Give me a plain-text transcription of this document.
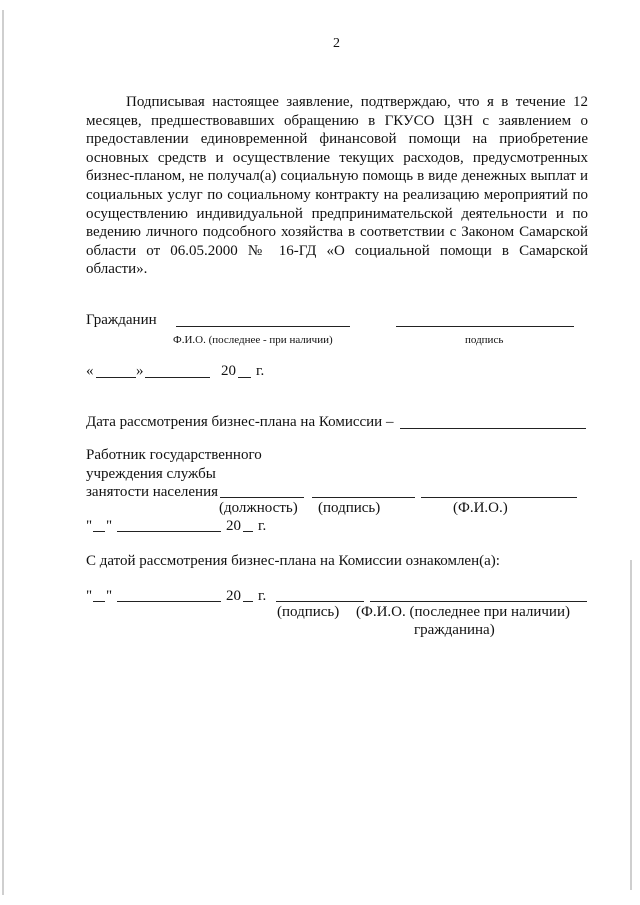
2
Подписывая настоящее заявление, подтверждаю, что я в течение 12
месяцев, предшествовавших обращению в ГКУСО ЦЗН с заявлением о
предоставлении единовременной финансовой помощи на приобретение
основных средств и осуществление текущих расходов, предусмотренных
бизнес-планом, не получал(а) социальную помощь в виде денежных выплат и
социальных услуг по социальному контракту на реализацию мероприятий по
осуществлению индивидуальной предпринимательской деятельности и по
ведению личного подсобного хозяйства в соответствии с Законом Самарской
области от 06.05.2000 № 16-ГД «О социальной помощи в Самарской
области».
Гражданин
Ф.И.О. (последнее - при наличии)	подпись
«	»	20 г.
Дата рассмотрения бизнес-плана на Комиссии –
Работник государственного
учреждения службы
занятости населения
(должность) (подпись)	(Ф.И.О.)
" "	20 г.
С датой рассмотрения бизнес-плана на Комиссии ознакомлен(а):
" "	20 г.
(подпись) (Ф.И.О. (последнее при наличии)
гражданина)
